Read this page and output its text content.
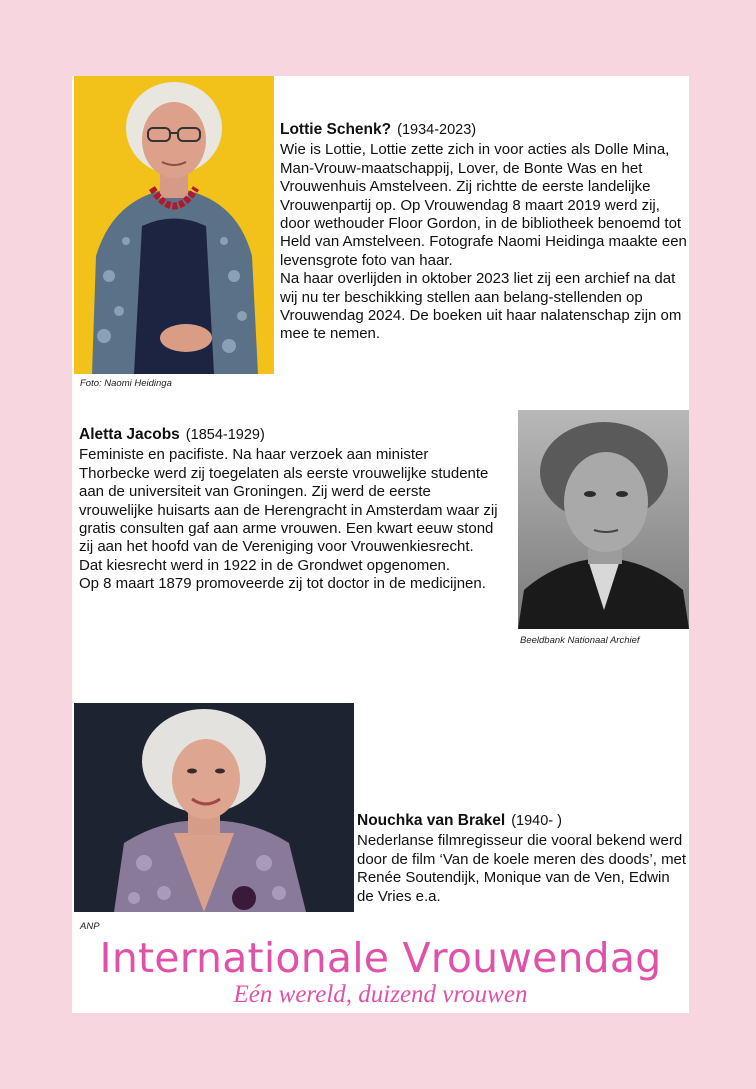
Foto: Naomi Heidinga
Lottie Schenk? (1934-2023)

Wie is Lottie, Lottie zette zich in voor acties als Dolle Mina, Man-Vrouw-maatschappij, Lover, de Bonte Was en het Vrouwenhuis Amstelveen. Zij richtte de eerste landelijke Vrouwenpartij op. Op Vrouwendag 8 maart 2019 werd zij, door wethouder Floor Gordon, in de bibliotheek benoemd tot Held van Amstelveen. Fotografe Naomi Heidinga maakte een levensgrote foto van haar.

Na haar overlijden in oktober 2023 liet zij een archief na dat wij nu ter beschikking stellen aan belang-stellenden op Vrouwendag 2024. De boeken uit haar nalatenschap zijn om mee te nemen.

Aletta Jacobs (1854-1929)

Feministe en pacifiste. Na haar verzoek aan minister Thorbecke werd zij toegelaten als eerste vrouwelijke studente aan de universiteit van Groningen. Zij werd de eerste vrouwelijke huisarts aan de Herengracht in Amsterdam waar zij gratis consulten gaf aan arme vrouwen. Een kwart eeuw stond zij aan het hoofd van de Vereniging voor Vrouwenkiesrecht. Dat kiesrecht werd in 1922 in de Grondwet opgenomen.

Op 8 maart 1879 promoveerde zij tot doctor in de medicijnen.

Beeldbank Nationaal Archief
ANP
Nouchka van Brakel (1940- )

Nederlanse filmregisseur die vooral bekend werd door de film ‘Van de koele meren des doods’, met Renée Soutendijk, Monique van de Ven, Edwin de Vries e.a.

Internationale Vrouwendag
Eén wereld, duizend vrouwen
